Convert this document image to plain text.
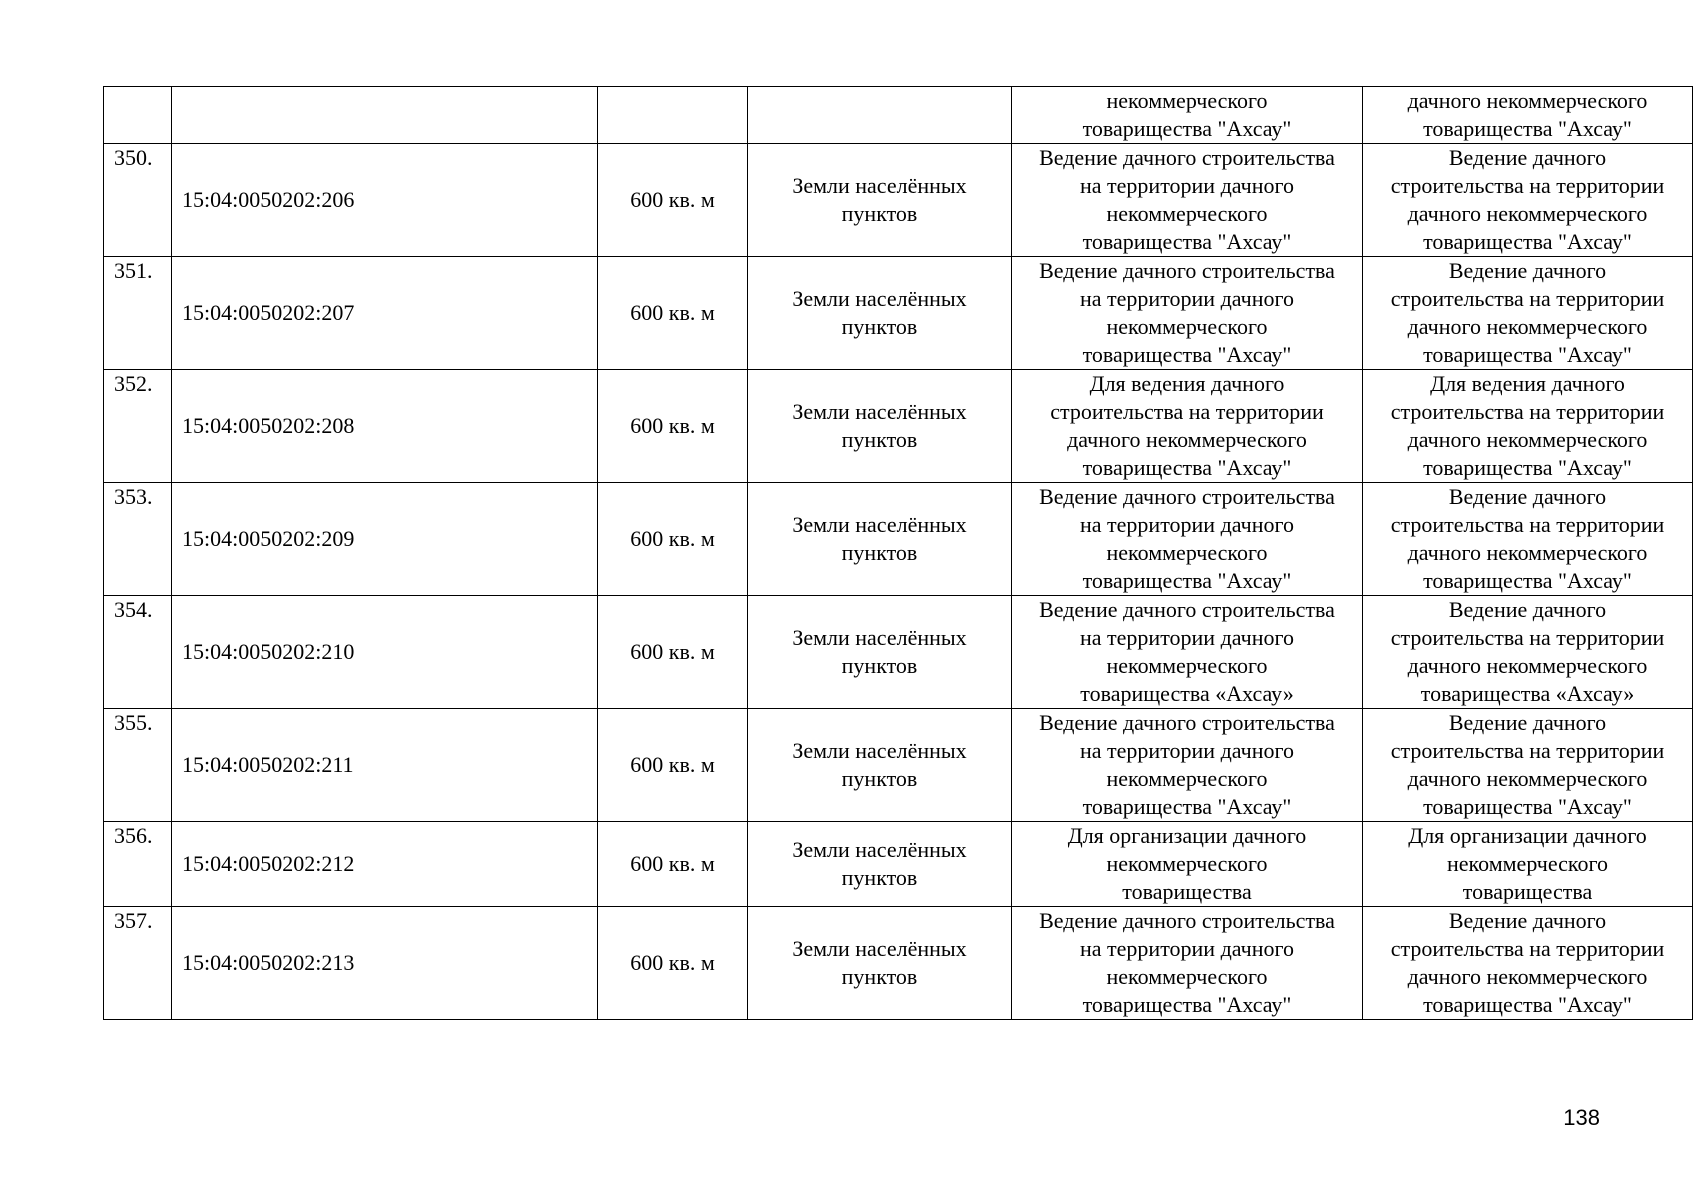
				некоммерческого
товарищества "Ахсау"	дачного некоммерческого
товарищества "Ахсау"

350.	15:04:0050202:206	600 кв. м	Земли населённых
пунктов	Ведение дачного строительства
на территории дачного
некоммерческого
товарищества "Ахсау"	Ведение дачного
строительства на территории
дачного некоммерческого
товарищества "Ахсау"

351.	15:04:0050202:207	600 кв. м	Земли населённых
пунктов	Ведение дачного строительства
на территории дачного
некоммерческого
товарищества "Ахсау"	Ведение дачного
строительства на территории
дачного некоммерческого
товарищества "Ахсау"

352.	15:04:0050202:208	600 кв. м	Земли населённых
пунктов	Для ведения дачного
строительства на территории
дачного некоммерческого
товарищества "Ахсау"	Для ведения дачного
строительства на территории
дачного некоммерческого
товарищества "Ахсау"

353.	15:04:0050202:209	600 кв. м	Земли населённых
пунктов	Ведение дачного строительства
на территории дачного
некоммерческого
товарищества "Ахсау"	Ведение дачного
строительства на территории
дачного некоммерческого
товарищества "Ахсау"

354.	15:04:0050202:210	600 кв. м	Земли населённых
пунктов	Ведение дачного строительства
на территории дачного
некоммерческого
товарищества «Ахсау»	Ведение дачного
строительства на территории
дачного некоммерческого
товарищества «Ахсау»

355.	15:04:0050202:211	600 кв. м	Земли населённых
пунктов	Ведение дачного строительства
на территории дачного
некоммерческого
товарищества "Ахсау"	Ведение дачного
строительства на территории
дачного некоммерческого
товарищества "Ахсау"

356.	15:04:0050202:212	600 кв. м	Земли населённых
пунктов	Для организации дачного
некоммерческого
товарищества	Для организации дачного
некоммерческого
товарищества

357.	15:04:0050202:213	600 кв. м	Земли населённых
пунктов	Ведение дачного строительства
на территории дачного
некоммерческого
товарищества "Ахсау"	Ведение дачного
строительства на территории
дачного некоммерческого
товарищества "Ахсау"
138
